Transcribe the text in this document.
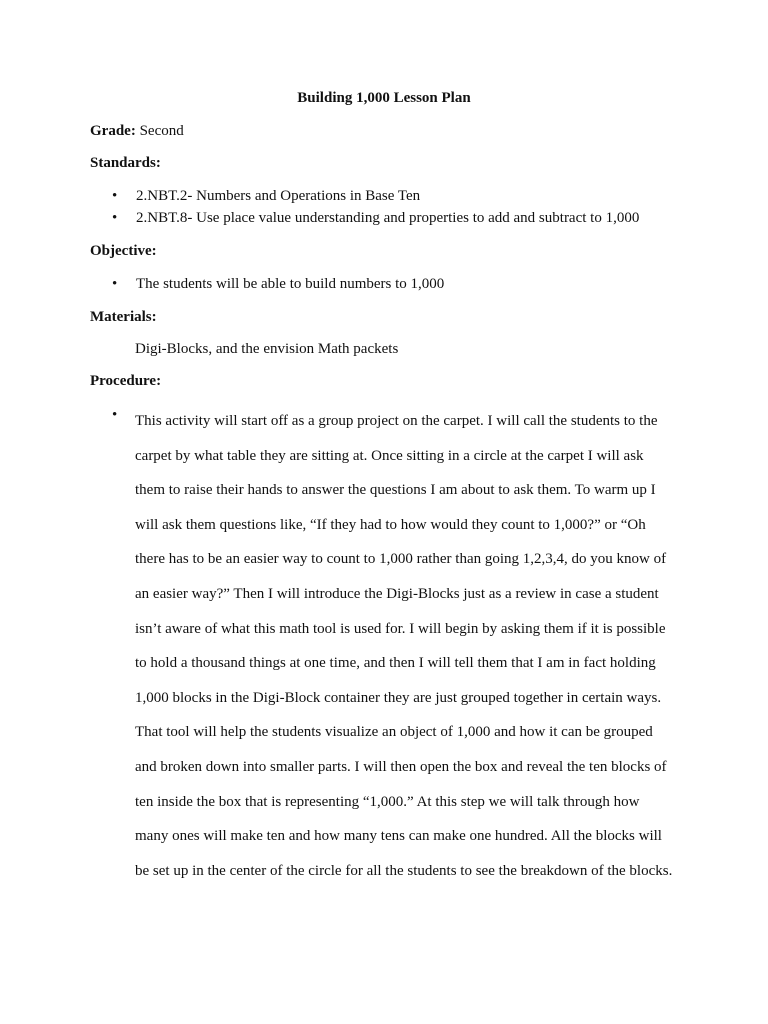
Building 1,000 Lesson Plan
Grade: Second
Standards:
• 2.NBT.2- Numbers and Operations in Base Ten
• 2.NBT.8- Use place value understanding and properties to add and subtract to 1,000
Objective:
• The students will be able to build numbers to 1,000
Materials:
Digi-Blocks, and the envision Math packets
Procedure:
• This activity will start off as a group project on the carpet. I will call the students to the
carpet by what table they are sitting at. Once sitting in a circle at the carpet I will ask
them to raise their hands to answer the questions I am about to ask them. To warm up I
will ask them questions like, “If they had to how would they count to 1,000?” or “Oh
there has to be an easier way to count to 1,000 rather than going 1,2,3,4, do you know of
an easier way?” Then I will introduce the Digi-Blocks just as a review in case a student
isn’t aware of what this math tool is used for. I will begin by asking them if it is possible
to hold a thousand things at one time, and then I will tell them that I am in fact holding
1,000 blocks in the Digi-Block container they are just grouped together in certain ways.
That tool will help the students visualize an object of 1,000 and how it can be grouped
and broken down into smaller parts. I will then open the box and reveal the ten blocks of
ten inside the box that is representing “1,000.” At this step we will talk through how
many ones will make ten and how many tens can make one hundred. All the blocks will
be set up in the center of the circle for all the students to see the breakdown of the blocks.
